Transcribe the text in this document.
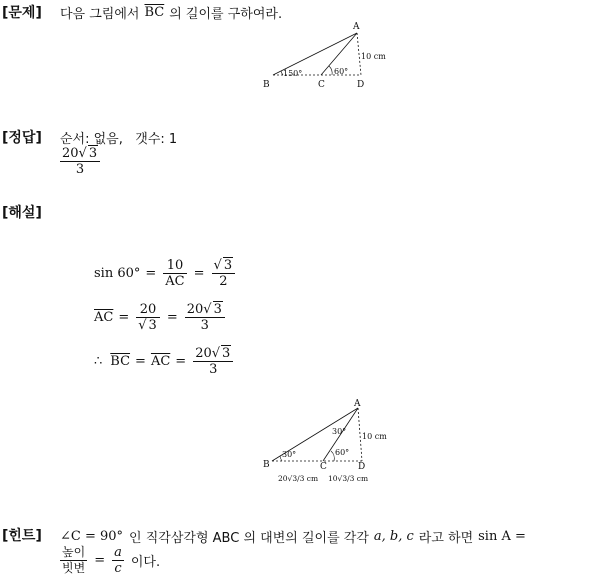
[문제] 다음 그림에서 $\overline{BC}$ 의 길이를 구하여라.
A
B	C	D
150°	60°
10 cm
[정답] 순서: 없음,   갯수: 1
$\frac{20√ 3}{3}$
[해설]
$\sin 60^\circ = \frac{10}{AC} = \frac{√ 3}{2}$
$\overline{AC} = \frac{20}{√ 3} = \frac{20√ 3}{3}$
∴ $\overline{BC} = \overline{AC} = \frac{20√ 3}{3}$
A
B	C	D
30°
30°
60°
10 cm
20√3/3 cm 10√3/3 cm
[힌트] ∠C = 90° 인 직각삼각형 ABC 의 대변의 길이를 각각 a, b, c 라고 하면 sin A =
$\frac{\text{높이}}{\text{빗변}} = \frac{a}{c}$ 이다.
